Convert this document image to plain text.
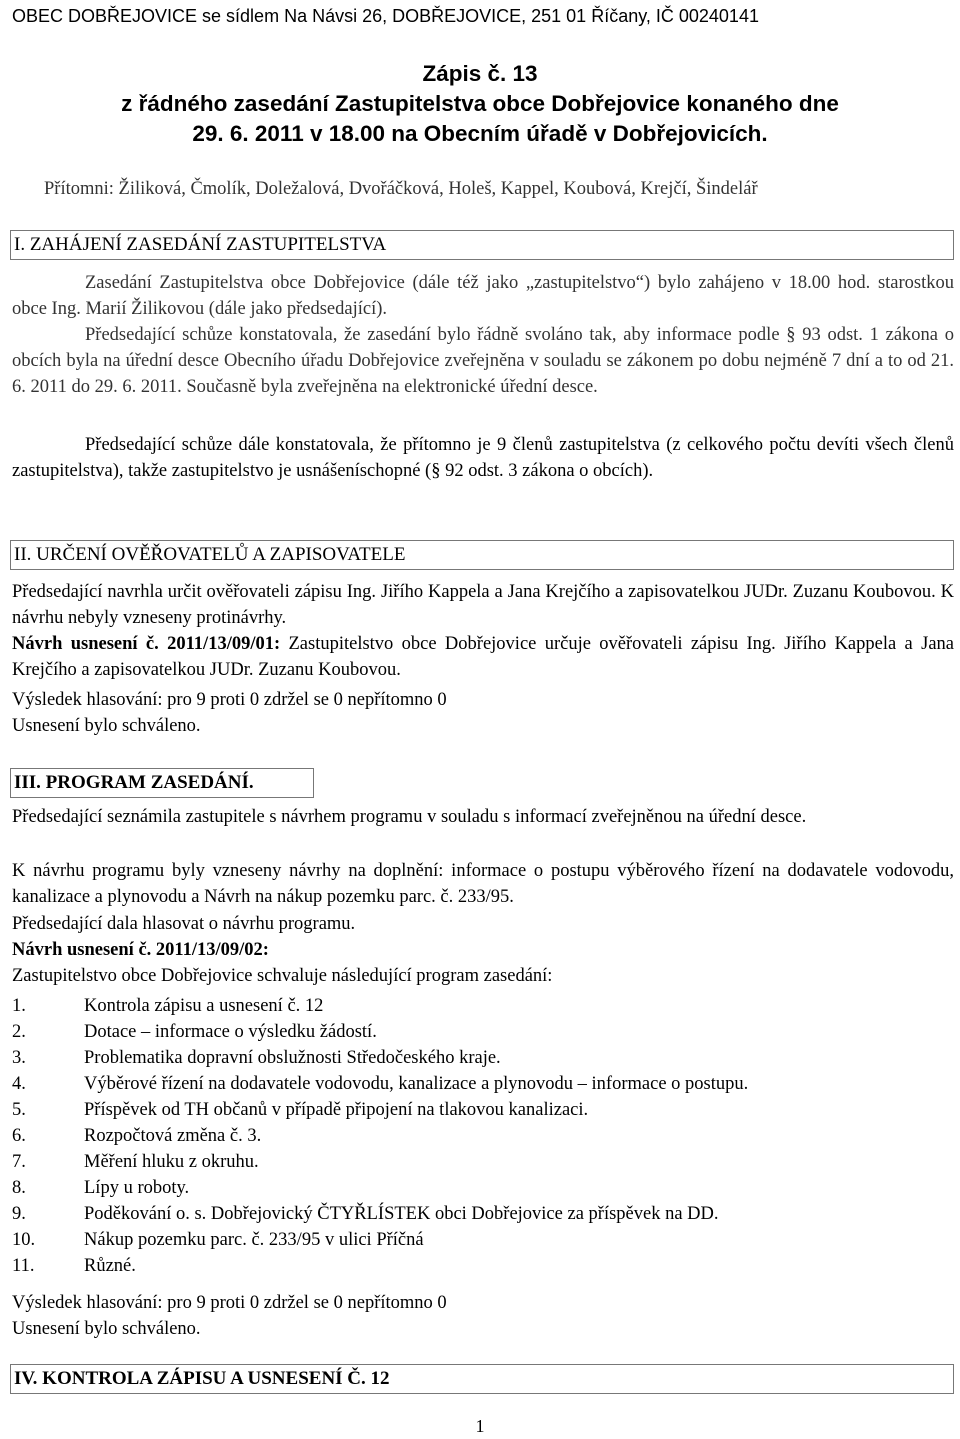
OBEC DOBŘEJOVICE se sídlem Na Návsi 26, DOBŘEJOVICE, 251 01 Říčany, IČ 00240141
Zápis č. 13
z řádného zasedání Zastupitelstva obce Dobřejovice konaného dne
29. 6. 2011 v 18.00 na Obecním úřadě v Dobřejovicích.
Přítomni: Žiliková, Čmolík, Doležalová, Dvořáčková, Holeš, Kappel, Koubová, Krejčí, Šindelář
I. ZAHÁJENÍ ZASEDÁNÍ ZASTUPITELSTVA
Zasedání Zastupitelstva obce Dobřejovice (dále též jako „zastupitelstvo“) bylo zahájeno v 18.00 hod. starostkou obce Ing. Marií Žilikovou (dále jako předsedající).
Předsedající schůze konstatovala, že zasedání bylo řádně svoláno tak, aby informace podle § 93 odst. 1 zákona o obcích byla na úřední desce Obecního úřadu Dobřejovice zveřejněna v souladu se zákonem po dobu nejméně 7 dní a to od 21. 6. 2011 do 29. 6. 2011. Současně byla zveřejněna na elektronické úřední desce.
Předsedající schůze dále konstatovala, že přítomno je 9 členů zastupitelstva (z celkového počtu devíti všech členů zastupitelstva), takže zastupitelstvo je usnášeníschopné (§ 92 odst. 3 zákona o obcích).
II. URČENÍ OVĚŘOVATELŮ A ZAPISOVATELE
Předsedající navrhla určit ověřovateli zápisu Ing. Jiřího Kappela a Jana Krejčího a zapisovatelkou JUDr. Zuzanu Koubovou. K návrhu nebyly vzneseny protinávrhy.
Návrh usnesení č. 2011/13/09/01: Zastupitelstvo obce Dobřejovice určuje ověřovateli zápisu Ing. Jiřího Kappela a Jana Krejčího a zapisovatelkou JUDr. Zuzanu Koubovou.
Výsledek hlasování: pro 9 proti 0 zdržel se 0 nepřítomno 0
Usnesení bylo schváleno.
III. PROGRAM ZASEDÁNÍ.
Předsedající seznámila zastupitele s návrhem programu v souladu s informací zveřejněnou na úřední desce.
K návrhu programu byly vzneseny návrhy na doplnění: informace o postupu výběrového řízení na dodavatele vodovodu, kanalizace a plynovodu a Návrh na nákup pozemku parc. č. 233/95.
Předsedající dala hlasovat o návrhu programu.
Návrh usnesení č. 2011/13/09/02:
Zastupitelstvo obce Dobřejovice schvaluje následující program zasedání:
1.	Kontrola zápisu a usnesení č. 12
2.	Dotace – informace o výsledku žádostí.
3.	Problematika dopravní obslužnosti Středočeského kraje.
4.	Výběrové řízení na dodavatele vodovodu, kanalizace a plynovodu – informace o postupu.
5.	Příspěvek od TH občanů v případě připojení na tlakovou kanalizaci.
6.	Rozpočtová změna č. 3.
7.	Měření hluku z okruhu.
8.	Lípy u roboty.
9.	Poděkování o. s. Dobřejovický ČTYŘLÍSTEK obci Dobřejovice za příspěvek na DD.
10.	Nákup pozemku parc. č. 233/95 v ulici Příčná
11.	Různé.
Výsledek hlasování: pro 9 proti 0 zdržel se 0 nepřítomno 0
Usnesení bylo schváleno.
IV. KONTROLA ZÁPISU A USNESENÍ Č. 12
1
